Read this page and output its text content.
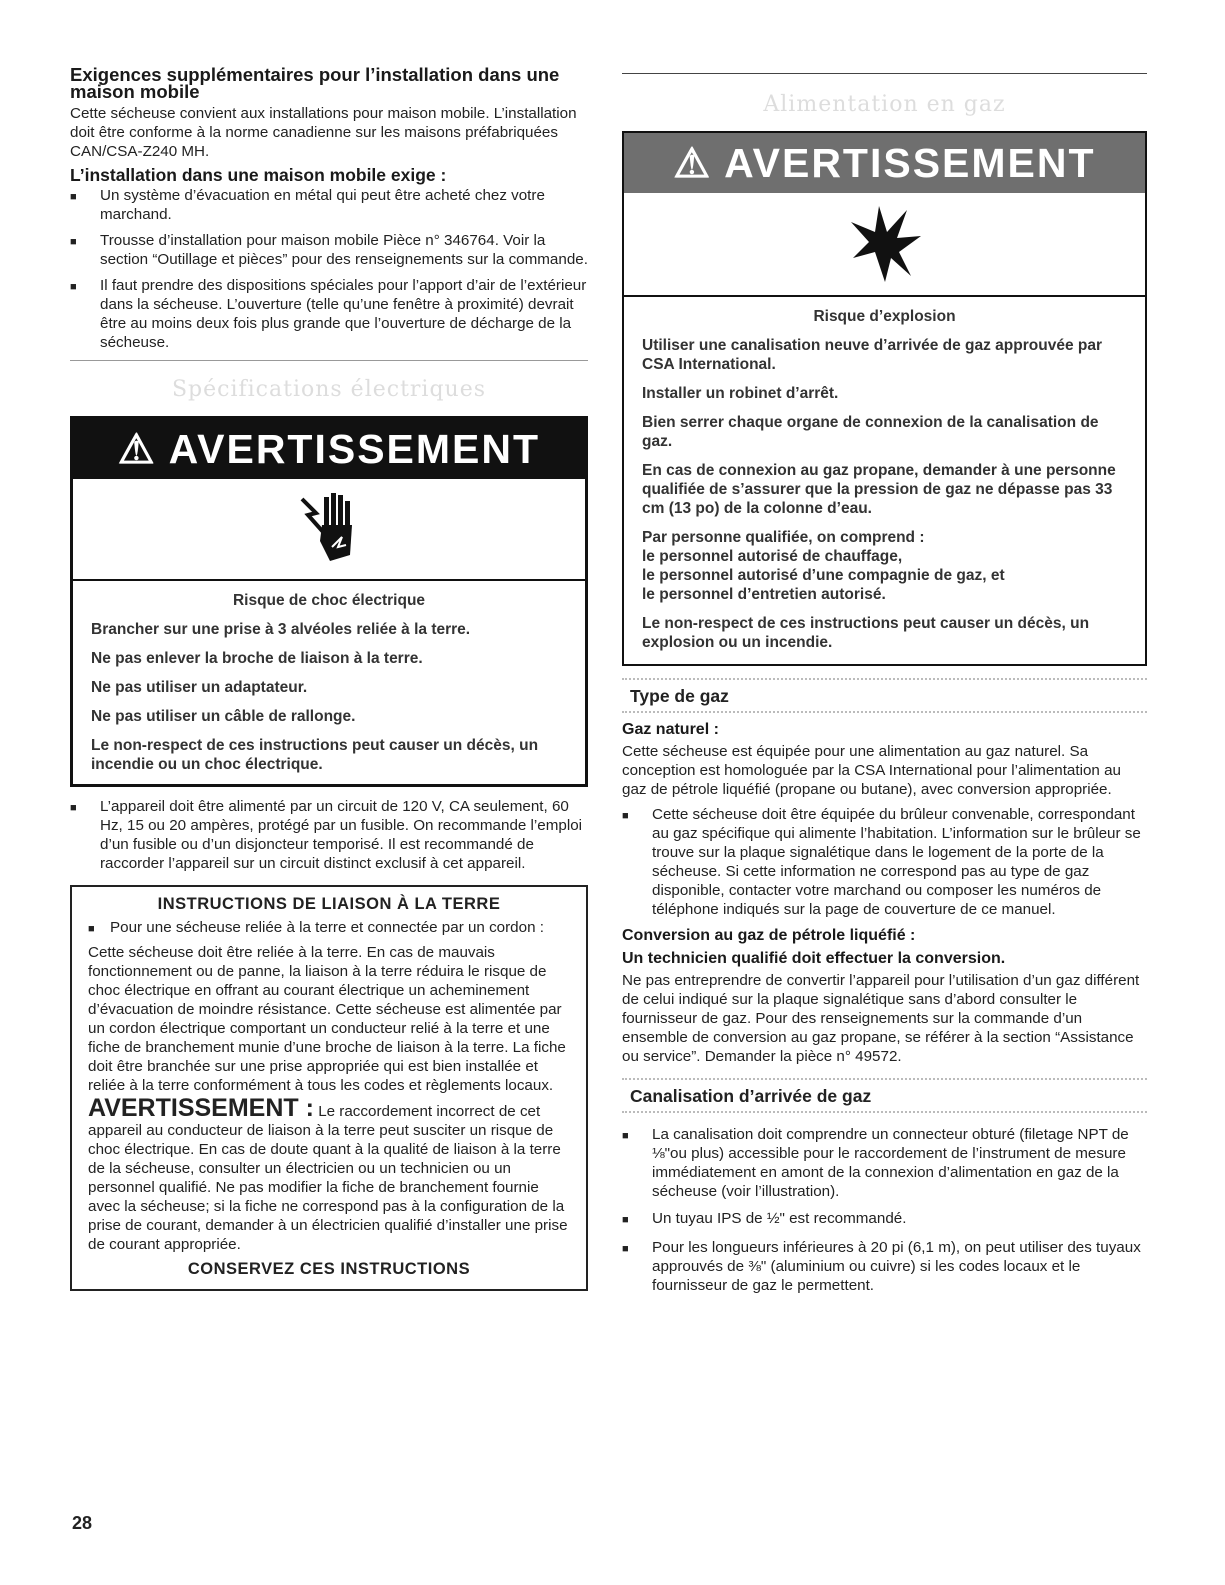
Exigences supplémentaires pour l’installation dans une maison mobile
Cette sécheuse convient aux installations pour maison mobile. L’installation doit être conforme à la norme canadienne sur les maisons préfabriquées CAN/CSA-Z240 MH.
L’installation dans une maison mobile exige :
■	Un système d’évacuation en métal qui peut être acheté chez votre marchand.
■	Trousse d’installation pour maison mobile Pièce n° 346764. Voir la section “Outillage et pièces” pour des renseignements sur la commande.
■	Il faut prendre des dispositions spéciales pour l’apport d’air de l’extérieur dans la sécheuse. L’ouverture (telle qu’une fenêtre à proximité) devrait être au moins deux fois plus grande que l’ouverture de décharge de la sécheuse.
Spécifications électriques
⚠ AVERTISSEMENT
Risque de choc électrique
Brancher sur une prise à 3 alvéoles reliée à la terre.
Ne pas enlever la broche de liaison à la terre.
Ne pas utiliser un adaptateur.
Ne pas utiliser un câble de rallonge.
Le non-respect de ces instructions peut causer un décès, un incendie ou un choc électrique.
■	L’appareil doit être alimenté par un circuit de 120 V, CA seulement, 60 Hz, 15 ou 20 ampères, protégé par un fusible. On recommande l’emploi d’un fusible ou d’un disjoncteur temporisé. Il est recommandé de raccorder l’appareil sur un circuit distinct exclusif à cet appareil.
INSTRUCTIONS DE LIAISON À LA TERRE
■	Pour une sécheuse reliée à la terre et connectée par un cordon :
Cette sécheuse doit être reliée à la terre. En cas de mauvais fonctionnement ou de panne, la liaison à la terre réduira le risque de choc électrique en offrant au courant électrique un acheminement d’évacuation de moindre résistance. Cette sécheuse est alimentée par un cordon électrique comportant un conducteur relié à la terre et une fiche de branchement munie d’une broche de liaison à la terre. La fiche doit être branchée sur une prise appropriée qui est bien installée et reliée à la terre conformément à tous les codes et règlements locaux.
AVERTISSEMENT : Le raccordement incorrect de cet appareil au conducteur de liaison à la terre peut susciter un risque de choc électrique. En cas de doute quant à la qualité de liaison à la terre de la sécheuse, consulter un électricien ou un technicien ou un personnel qualifié. Ne pas modifier la fiche de branchement fournie avec la sécheuse; si la fiche ne correspond pas à la configuration de la prise de courant, demander à un électricien qualifié d’installer une prise de courant appropriée.
CONSERVEZ CES INSTRUCTIONS
28
Alimentation en gaz
⚠ AVERTISSEMENT
Risque d’explosion
Utiliser une canalisation neuve d’arrivée de gaz approuvée par CSA International.
Installer un robinet d’arrêt.
Bien serrer chaque organe de connexion de la canalisation de gaz.
En cas de connexion au gaz propane, demander à une personne qualifiée de s’assurer que la pression de gaz ne dépasse pas 33 cm (13 po) de la colonne d’eau.
Par personne qualifiée, on comprend :
le personnel autorisé de chauffage,
le personnel autorisé d’une compagnie de gaz, et
le personnel d’entretien autorisé.
Le non-respect de ces instructions peut causer un décès, un explosion ou un incendie.
Type de gaz
Gaz naturel :
Cette sécheuse est équipée pour une alimentation au gaz naturel. Sa conception est homologuée par la CSA International pour l’alimentation au gaz de pétrole liquéfié (propane ou butane), avec conversion appropriée.
■	Cette sécheuse doit être équipée du brûleur convenable, correspondant au gaz spécifique qui alimente l’habitation. L’information sur le brûleur se trouve sur la plaque signalétique dans le logement de la porte de la sécheuse. Si cette information ne correspond pas au type de gaz disponible, contacter votre marchand ou composer les numéros de téléphone indiqués sur la page de couverture de ce manuel.
Conversion au gaz de pétrole liquéfié :
Un technicien qualifié doit effectuer la conversion.
Ne pas entreprendre de convertir l’appareil pour l’utilisation d’un gaz différent de celui indiqué sur la plaque signalétique sans d’abord consulter le fournisseur de gaz. Pour des renseignements sur la commande d’un ensemble de conversion au gaz propane, se référer à la section “Assistance ou service”. Demander la pièce n° 49572.
Canalisation d’arrivée de gaz
■	La canalisation doit comprendre un connecteur obturé (filetage NPT de ⅛"ou plus) accessible pour le raccordement de l’instrument de mesure immédiatement en amont de la connexion d’alimentation en gaz de la sécheuse (voir l’illustration).
■	Un tuyau IPS de ½" est recommandé.
■	Pour les longueurs inférieures à 20 pi (6,1 m), on peut utiliser des tuyaux approuvés de ⅜" (aluminium ou cuivre) si les codes locaux et le fournisseur de gaz le permettent.
